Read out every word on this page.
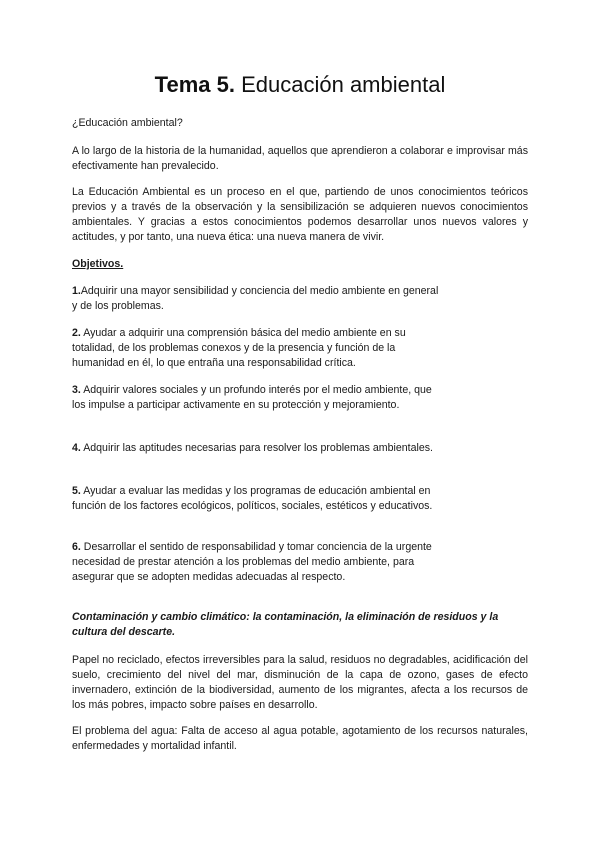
Tema 5. Educación ambiental

¿Educación ambiental?

A lo largo de la historia de la humanidad, aquellos que aprendieron a colaborar e improvisar más efectivamente han prevalecido.

La Educación Ambiental es un proceso en el que, partiendo de unos conocimientos teóricos previos y a través de la observación y la sensibilización se adquieren nuevos conocimientos ambientales. Y gracias a estos conocimientos podemos desarrollar unos nuevos valores y actitudes, y por tanto, una nueva ética: una nueva manera de vivir.

Objetivos.

1.Adquirir una mayor sensibilidad y conciencia del medio ambiente en general y de los problemas.

2. Ayudar a adquirir una comprensión básica del medio ambiente en su totalidad, de los problemas conexos y de la presencia y función de la humanidad en él, lo que entraña una responsabilidad crítica.

3. Adquirir valores sociales y un profundo interés por el medio ambiente, que los impulse a participar activamente en su protección y mejoramiento.

4. Adquirir las aptitudes necesarias para resolver los problemas ambientales.

5. Ayudar a evaluar las medidas y los programas de educación ambiental en función de los factores ecológicos, políticos, sociales, estéticos y educativos.

6. Desarrollar el sentido de responsabilidad y tomar conciencia de la urgente necesidad de prestar atención a los problemas del medio ambiente, para asegurar que se adopten medidas adecuadas al respecto.

Contaminación y cambio climático: la contaminación, la eliminación de residuos y la cultura del descarte.

Papel no reciclado, efectos irreversibles para la salud, residuos no degradables, acidificación del suelo, crecimiento del nivel del mar, disminución de la capa de ozono, gases de efecto invernadero, extinción de la biodiversidad, aumento de los migrantes, afecta a los recursos de los más pobres, impacto sobre países en desarrollo.

El problema del agua: Falta de acceso al agua potable, agotamiento de los recursos naturales, enfermedades y mortalidad infantil.
